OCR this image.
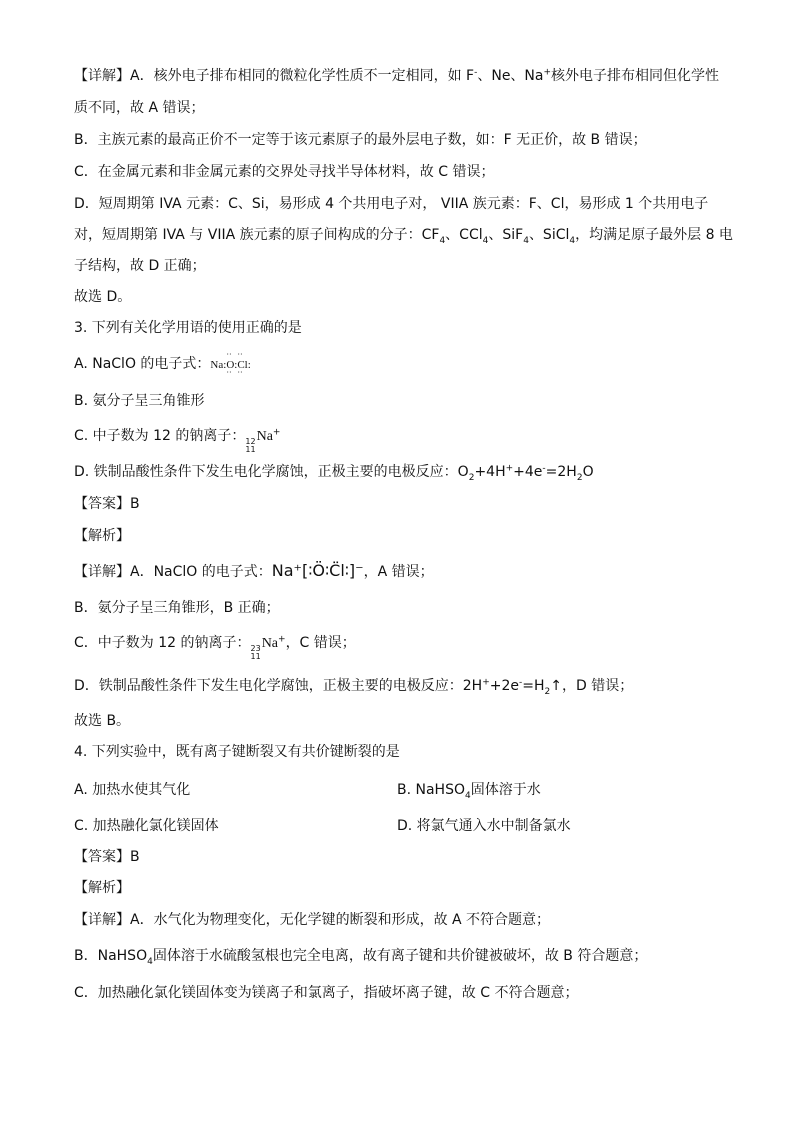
【详解】A．核外电子排布相同的微粒化学性质不一定相同，如 F-、Ne、Na+核外电子排布相同但化学性
质不同，故 A 错误；
B．主族元素的最高正价不一定等于该元素原子的最外层电子数，如：F 无正价，故 B 错误；
C．在金属元素和非金属元素的交界处寻找半导体材料，故 C 错误；
D．短周期第 IVA 元素：C、Si，易形成 4 个共用电子对， VIIA 族元素：F、Cl，易形成 1 个共用电子
对，短周期第 IVA 与 VIIA 族元素的原子间构成的分子：$CF_4$、CCl$_4$、SiF$_4$、SiCl$_4$，均满足原子最外层 8 电
子结构，故 D 正确；
故选 D。
3. 下列有关化学用语的使用正确的是
A. NaClO 的电子式：Na:· · O · ·:· · Cl · ·:
B. 氨分子呈三角锥形
C. 中子数为 12 的钠离子： 12
11
Na+
D. 铁制品酸性条件下发生电化学腐蚀，正极主要的电极反应：$O_2+4H^++4e^-=2H_2O$
【答案】B
【解析】
【详解】A．NaClO 的电子式：Na⁺[∶Ö∶C̈l∶]⁻，A 错误；
B．氨分子呈三角锥形，B 正确；
C．中子数为 12 的钠离子： 23
11
Na+，C 错误；
D．铁制品酸性条件下发生电化学腐蚀，正极主要的电极反应：$2H^++2e^-=H_2↑$，D 错误；
故选 B。
4. 下列实验中，既有离子键断裂又有共价键断裂的是
A. 加热水使其气化	B. NaHSO$_4$固体溶于水
C. 加热融化氯化镁固体	D. 将氯气通入水中制备氯水
【答案】B
【解析】
【详解】A．水气化为物理变化，无化学键的断裂和形成，故 A 不符合题意；
B．NaHSO$_4$固体溶于水硫酸氢根也完全电离，故有离子键和共价键被破坏，故 B 符合题意；
C．加热融化氯化镁固体变为镁离子和氯离子，指破坏离子键，故 C 不符合题意；
